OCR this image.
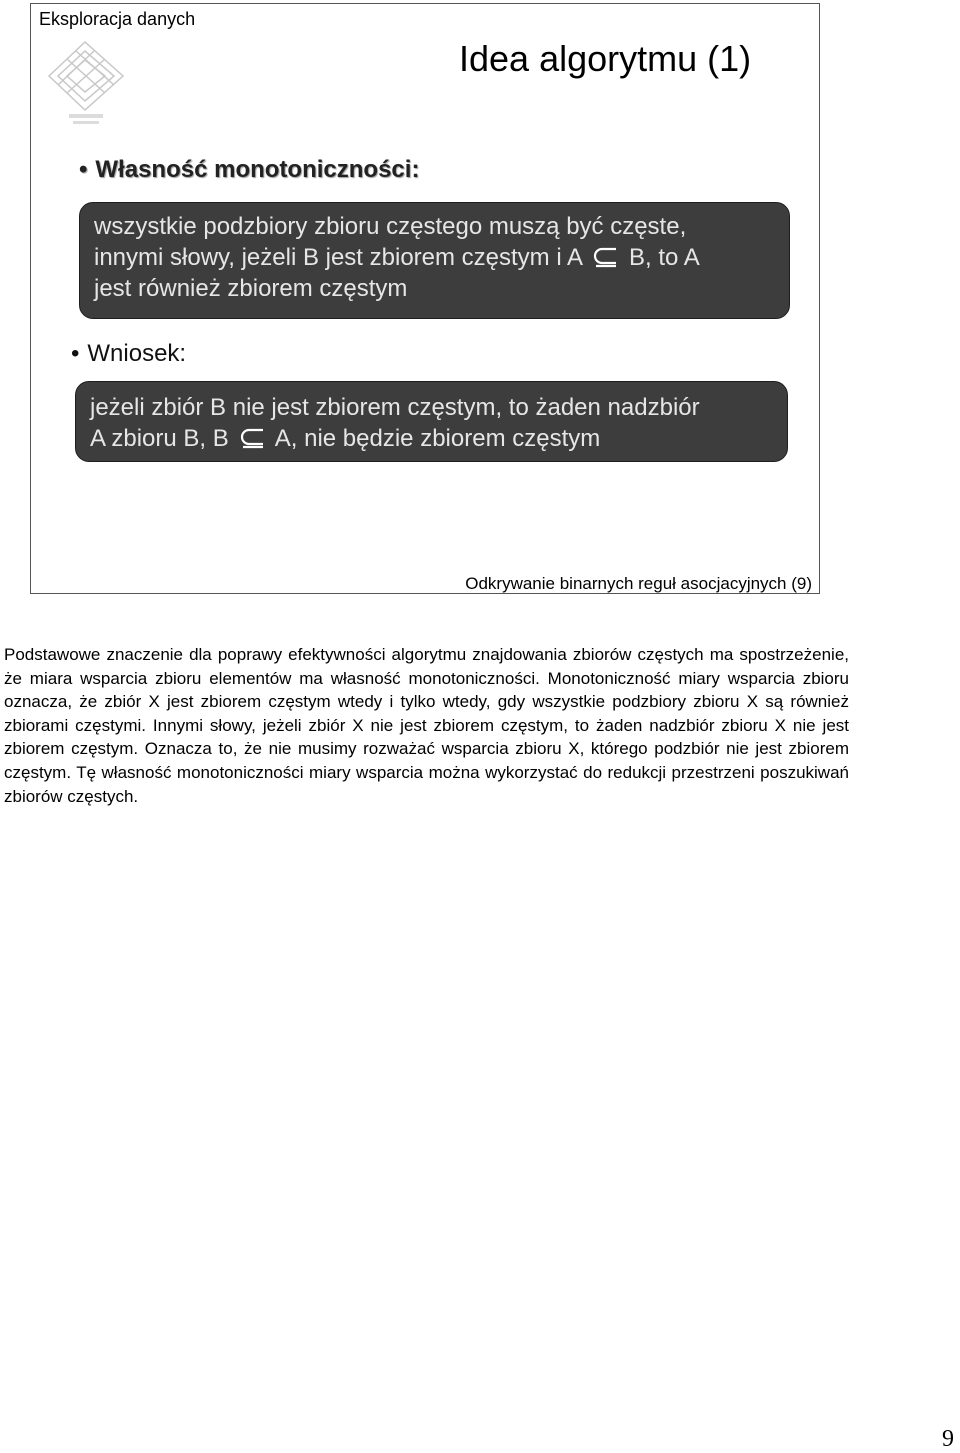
Eksploracja danych
Idea algorytmu (1)
• Własność monotoniczności:
wszystkie podzbiory zbioru częstego muszą być częste,
innymi słowy, jeżeli B jest zbiorem częstym i A B, to A
jest również zbiorem częstym
• Wniosek:
jeżeli zbiór B nie jest zbiorem częstym, to żaden nadzbiór
A zbioru B, B A, nie będzie zbiorem częstym
Odkrywanie binarnych reguł asocjacyjnych (9)
Podstawowe znaczenie dla poprawy efektywności algorytmu znajdowania zbiorów częstych ma spostrzeżenie, że miara wsparcia zbioru elementów ma własność monotoniczności. Monotoniczność miary wsparcia zbioru oznacza, że zbiór X jest zbiorem częstym wtedy i tylko wtedy, gdy wszystkie podzbiory zbioru X są również zbiorami częstymi. Innymi słowy, jeżeli zbiór X nie jest zbiorem częstym, to żaden nadzbiór zbioru X nie jest zbiorem częstym. Oznacza to, że nie musimy rozważać wsparcia zbioru X, którego podzbiór nie jest zbiorem częstym. Tę własność monotoniczności miary wsparcia można wykorzystać do redukcji przestrzeni poszukiwań zbiorów częstych.
9
